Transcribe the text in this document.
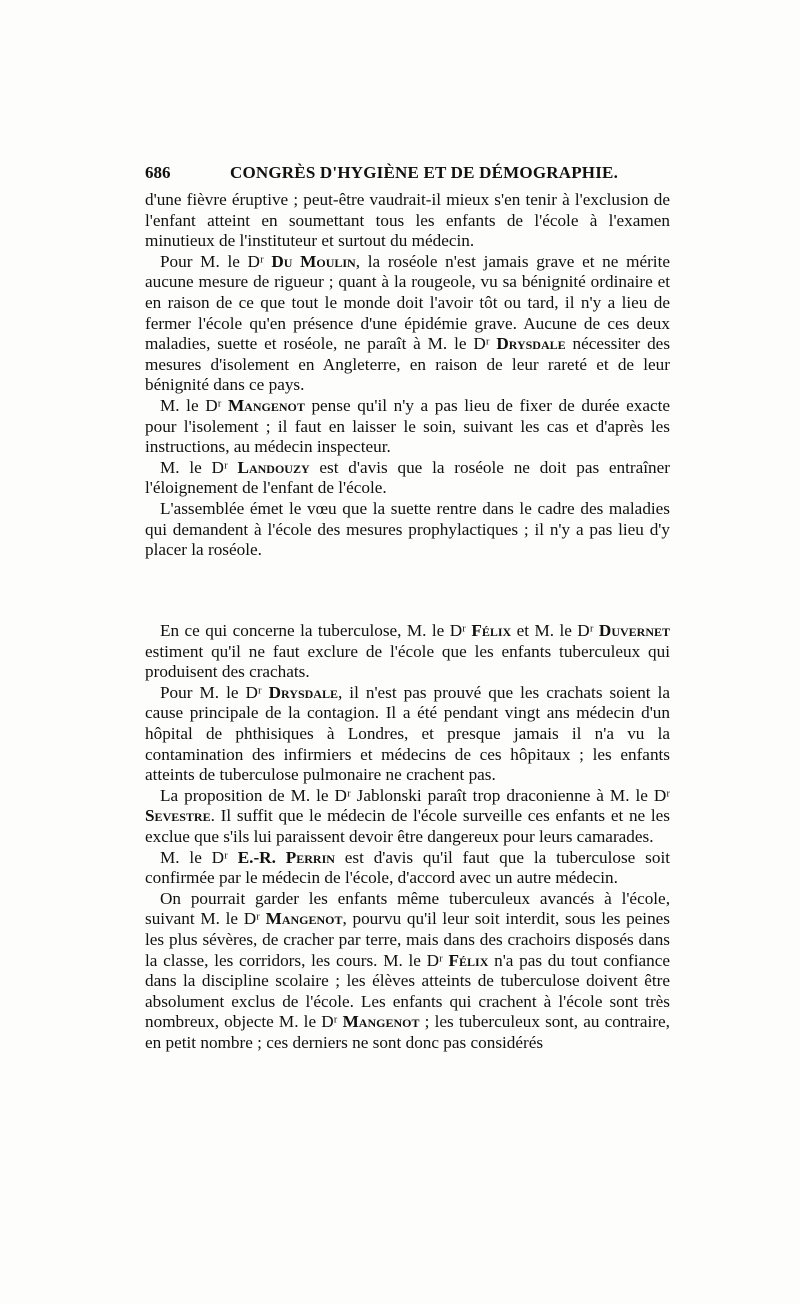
686	CONGRÈS D'HYGIÈNE ET DE DÉMOGRAPHIE.

d'une fièvre éruptive ; peut-être vaudrait-il mieux s'en tenir à l'exclusion de l'enfant atteint en soumettant tous les enfants de l'école à l'examen minutieux de l'instituteur et surtout du médecin.

Pour M. le Dʳ Du Moulin, la roséole n'est jamais grave et ne mérite aucune mesure de rigueur ; quant à la rougeole, vu sa bénignité ordinaire et en raison de ce que tout le monde doit l'avoir tôt ou tard, il n'y a lieu de fermer l'école qu'en présence d'une épidémie grave. Aucune de ces deux maladies, suette et roséole, ne paraît à M. le Dʳ Drysdale nécessiter des mesures d'isolement en Angleterre, en raison de leur rareté et de leur bénignité dans ce pays.

M. le Dʳ Mangenot pense qu'il n'y a pas lieu de fixer de durée exacte pour l'isolement ; il faut en laisser le soin, suivant les cas et d'après les instructions, au médecin inspecteur.

M. le Dʳ Landouzy est d'avis que la roséole ne doit pas entraîner l'éloignement de l'enfant de l'école.

L'assemblée émet le vœu que la suette rentre dans le cadre des maladies qui demandent à l'école des mesures prophylactiques ; il n'y a pas lieu d'y placer la roséole.

En ce qui concerne la tuberculose, M. le Dʳ Félix et M. le Dʳ Duvernet estiment qu'il ne faut exclure de l'école que les enfants tuberculeux qui produisent des crachats.

Pour M. le Dʳ Drysdale, il n'est pas prouvé que les crachats soient la cause principale de la contagion. Il a été pendant vingt ans médecin d'un hôpital de phthisiques à Londres, et presque jamais il n'a vu la contamination des infirmiers et médecins de ces hôpitaux ; les enfants atteints de tuberculose pulmonaire ne crachent pas.

La proposition de M. le Dʳ Jablonski paraît trop draconienne à M. le Dʳ Sevestre. Il suffit que le médecin de l'école surveille ces enfants et ne les exclue que s'ils lui paraissent devoir être dangereux pour leurs camarades.

M. le Dʳ E.-R. Perrin est d'avis qu'il faut que la tuberculose soit confirmée par le médecin de l'école, d'accord avec un autre médecin.

On pourrait garder les enfants même tuberculeux avancés à l'école, suivant M. le Dʳ Mangenot, pourvu qu'il leur soit interdit, sous les peines les plus sévères, de cracher par terre, mais dans des crachoirs disposés dans la classe, les corridors, les cours. M. le Dʳ Félix n'a pas du tout confiance dans la discipline scolaire ; les élèves atteints de tuberculose doivent être absolument exclus de l'école. Les enfants qui crachent à l'école sont très nombreux, objecte M. le Dʳ Mangenot ; les tuberculeux sont, au contraire, en petit nombre ; ces derniers ne sont donc pas considérés
